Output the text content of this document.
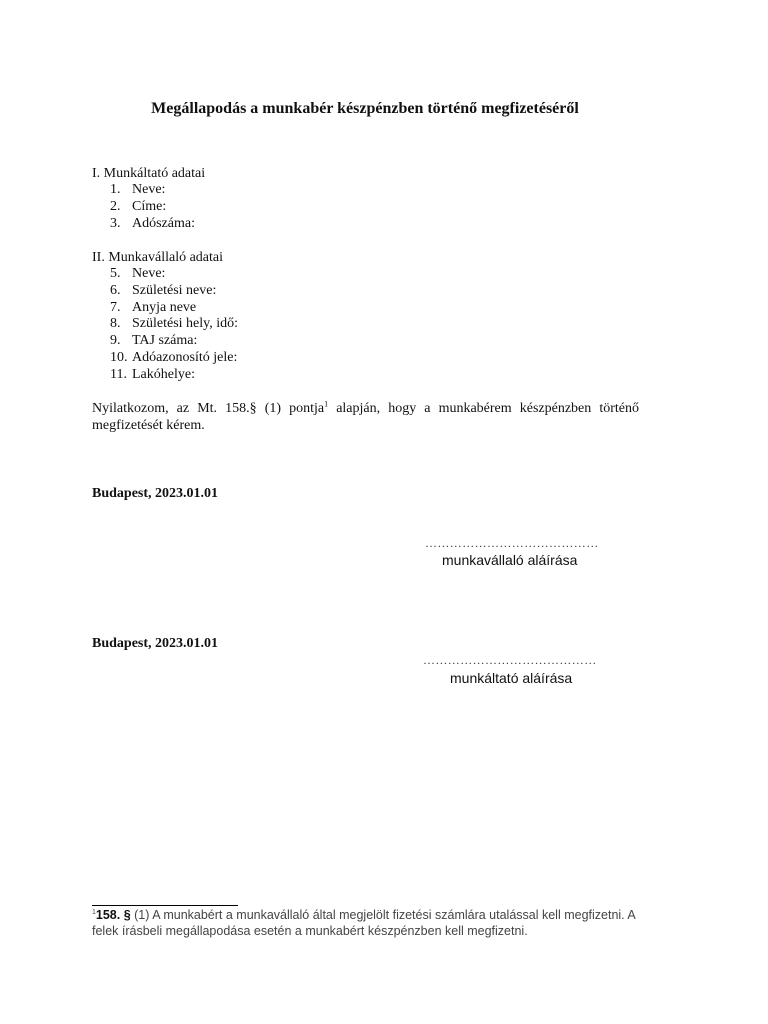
Megállapodás a munkabér készpénzben történő megfizetéséről
I. Munkáltató adatai
1. Neve:
2. Címe:
3. Adószáma:
II. Munkavállaló adatai
5. Neve:
6. Születési neve:
7. Anyja neve
8. Születési hely, idő:
9. TAJ száma:
10. Adóazonosító jele:
11. Lakóhelye:
Nyilatkozom, az Mt. 158.§ (1) pontja$^1$ alapján, hogy a munkabérem készpénzben történő megfizetését kérem.
Budapest, 2023.01.01
……………………………………
munkavállaló aláírása
Budapest, 2023.01.01
……………………………………
munkáltató aláírása
$^1$158. § (1) A munkabért a munkavállaló által megjelölt fizetési számlára utalással kell megfizetni. A felek írásbeli megállapodása esetén a munkabért készpénzben kell megfizetni.
